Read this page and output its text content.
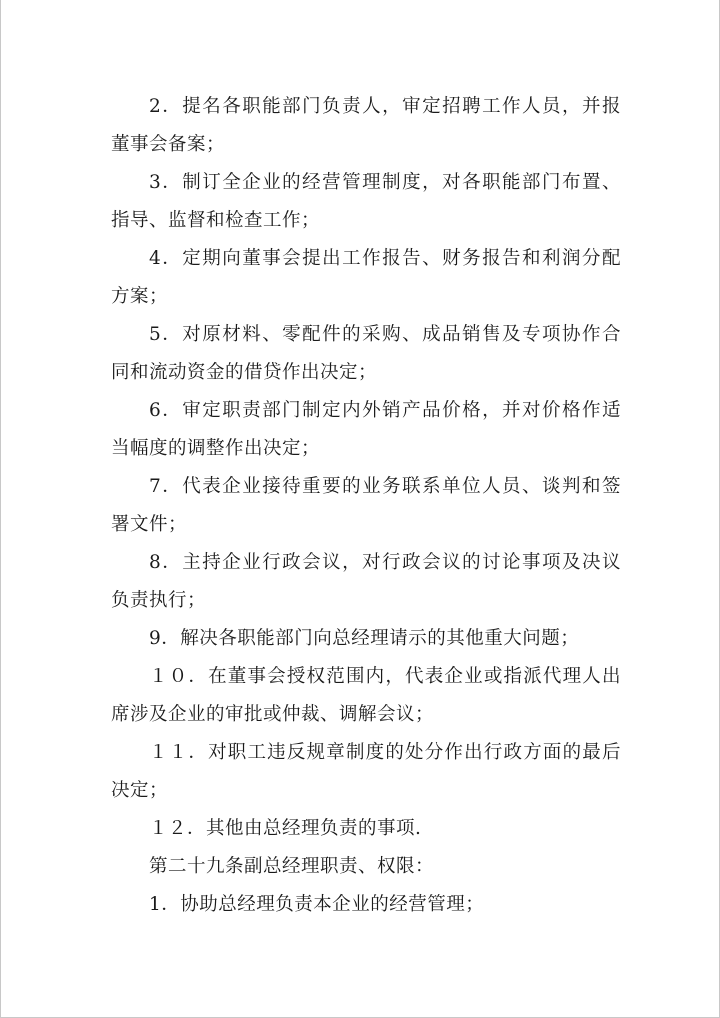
2．提名各职能部门负责人，审定招聘工作人员，并报
董事会备案；
3．制订全企业的经营管理制度，对各职能部门布置、
指导、监督和检查工作；
4．定期向董事会提出工作报告、财务报告和利润分配
方案；
5．对原材料、零配件的采购、成品销售及专项协作合
同和流动资金的借贷作出决定；
6．审定职责部门制定内外销产品价格，并对价格作适
当幅度的调整作出决定；
7．代表企业接待重要的业务联系单位人员、谈判和签
署文件；
8．主持企业行政会议，对行政会议的讨论事项及决议
负责执行；
9．解决各职能部门向总经理请示的其他重大问题；
１０．在董事会授权范围内，代表企业或指派代理人出
席涉及企业的审批或仲裁、调解会议；
１１．对职工违反规章制度的处分作出行政方面的最后
决定；
１２．其他由总经理负责的事项.
第二十九条副总经理职责、权限：
1．协助总经理负责本企业的经营管理；
